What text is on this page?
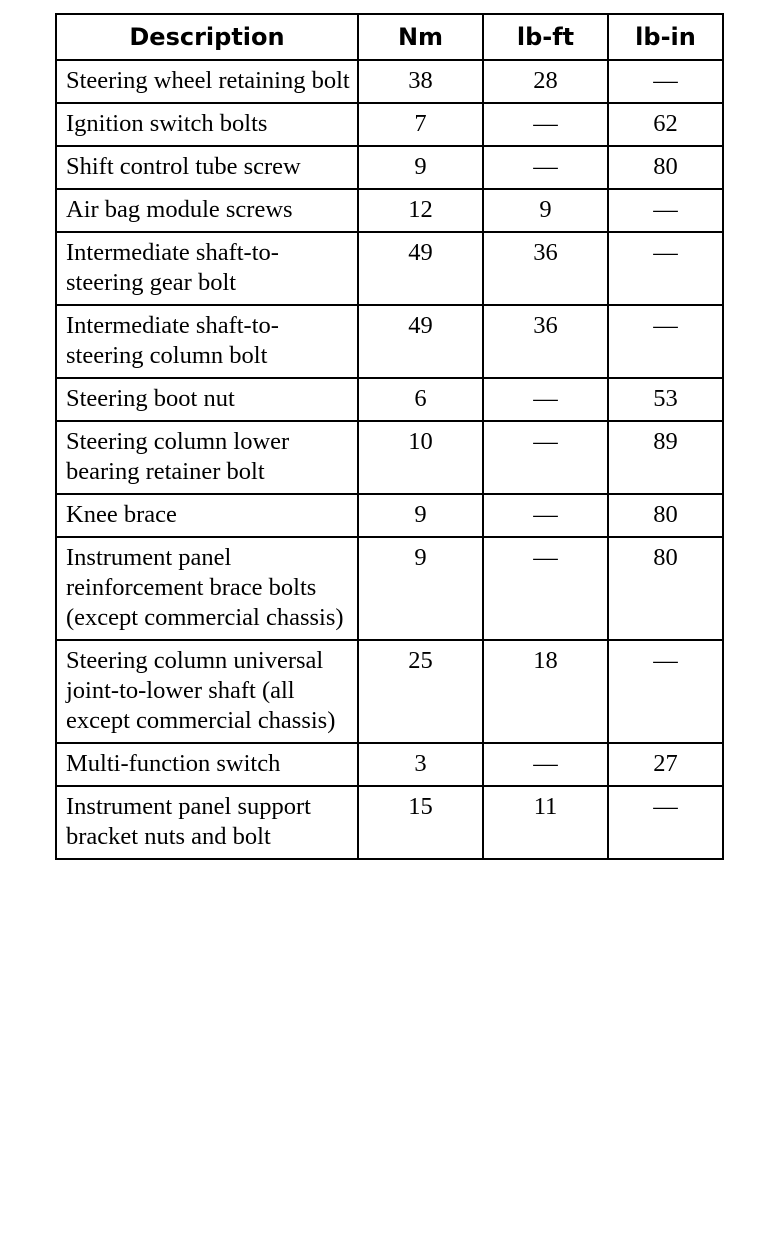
Description	Nm	lb-ft	lb-in
Steering wheel retaining bolt	38	28	—
Ignition switch bolts	7	—	62
Shift control tube screw	9	—	80
Air bag module screws	12	9	—
Intermediate shaft-to-steering gear bolt	49	36	—
Intermediate shaft-to-steering column bolt	49	36	—
Steering boot nut	6	—	53
Steering column lower bearing retainer bolt	10	—	89
Knee brace	9	—	80
Instrument panel reinforcement brace bolts (except commercial chassis)	9	—	80
Steering column universal joint-to-lower shaft (all except commercial chassis)	25	18	—
Multi-function switch	3	—	27
Instrument panel support bracket nuts and bolt	15	11	—
